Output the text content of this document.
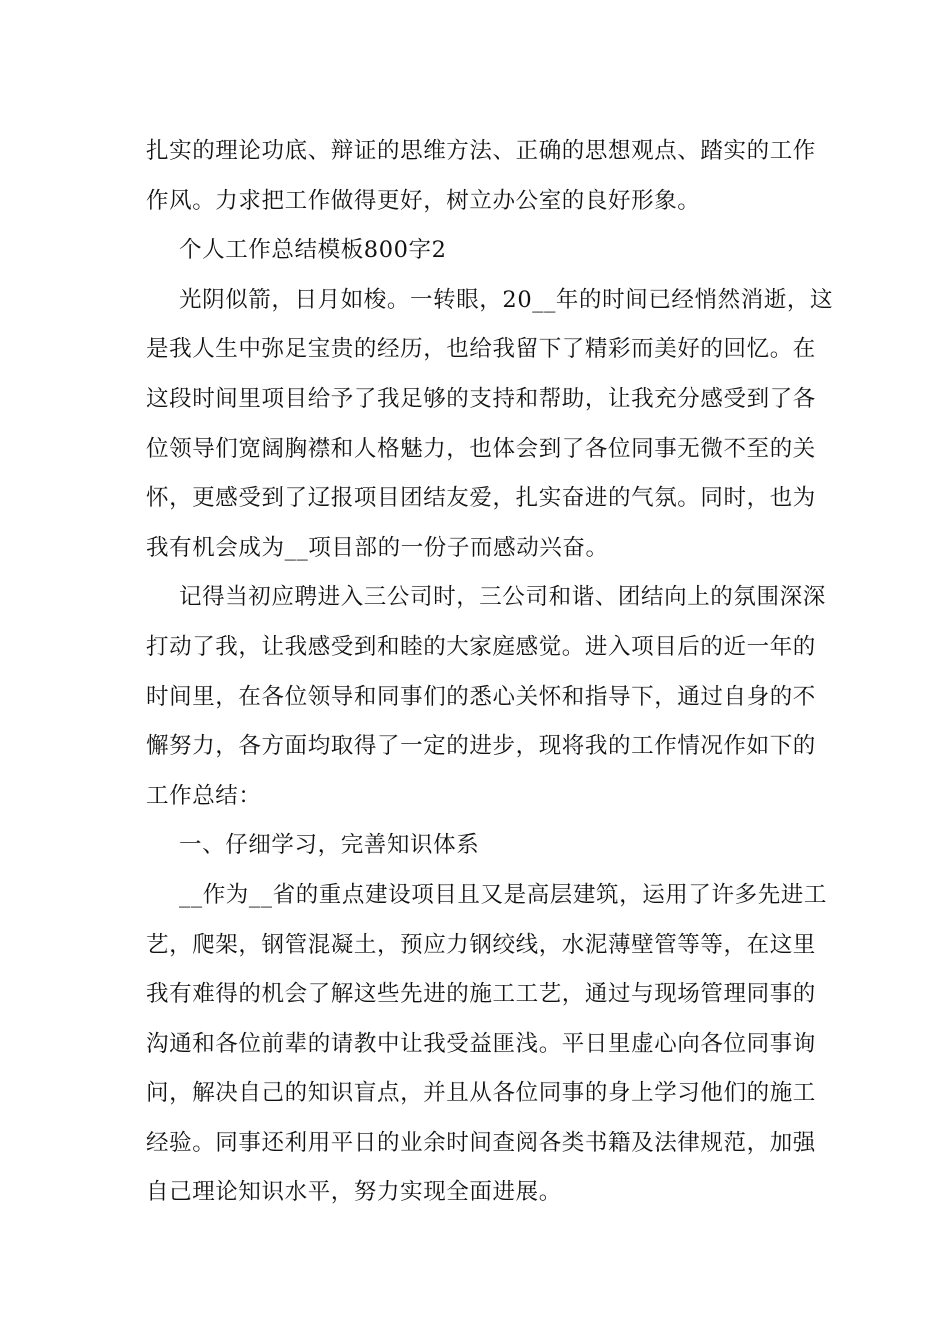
扎实的理论功底、辩证的思维方法、正确的思想观点、踏实的工作
作风。力求把工作做得更好，树立办公室的良好形象。
个人工作总结模板800字2
光阴似箭，日月如梭。一转眼，20__年的时间已经悄然消逝，这
是我人生中弥足宝贵的经历，也给我留下了精彩而美好的回忆。在
这段时间里项目给予了我足够的支持和帮助，让我充分感受到了各
位领导们宽阔胸襟和人格魅力，也体会到了各位同事无微不至的关
怀，更感受到了辽报项目团结友爱，扎实奋进的气氛。同时，也为
我有机会成为__项目部的一份子而感动兴奋。
记得当初应聘进入三公司时，三公司和谐、团结向上的氛围深深
打动了我，让我感受到和睦的大家庭感觉。进入项目后的近一年的
时间里，在各位领导和同事们的悉心关怀和指导下，通过自身的不
懈努力，各方面均取得了一定的进步，现将我的工作情况作如下的
工作总结：
一、仔细学习，完善知识体系
__作为__省的重点建设项目且又是高层建筑，运用了许多先进工
艺，爬架，钢管混凝土，预应力钢绞线，水泥薄壁管等等，在这里
我有难得的机会了解这些先进的施工工艺，通过与现场管理同事的
沟通和各位前辈的请教中让我受益匪浅。平日里虚心向各位同事询
问，解决自己的知识盲点，并且从各位同事的身上学习他们的施工
经验。同事还利用平日的业余时间查阅各类书籍及法律规范，加强
自己理论知识水平，努力实现全面进展。
